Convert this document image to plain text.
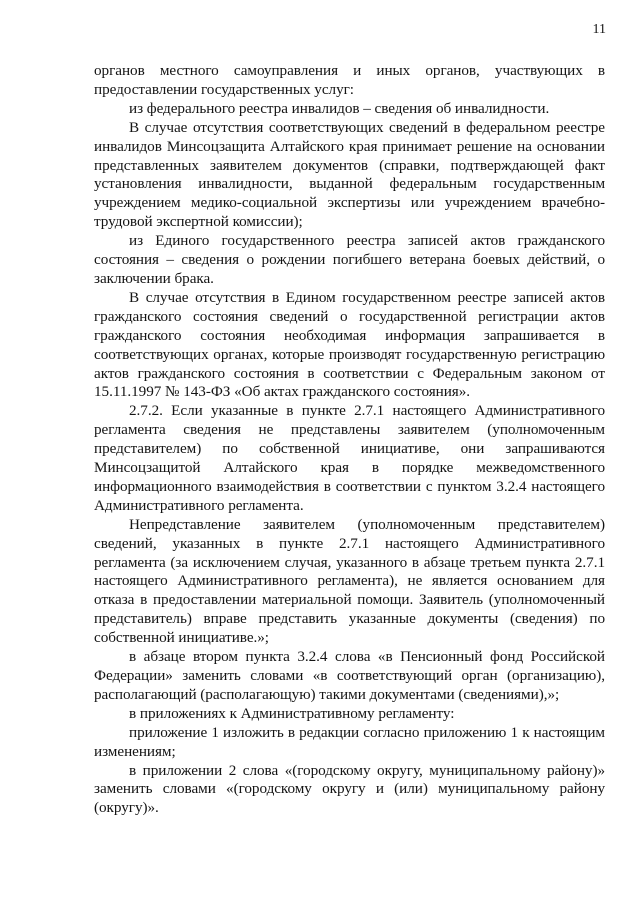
11

органов местного самоуправления и иных органов, участвующих в предоставлении государственных услуг:

из федерального реестра инвалидов – сведения об инвалидности.

В случае отсутствия соответствующих сведений в федеральном реестре инвалидов Минсоцзащита Алтайского края принимает решение на основании представленных заявителем документов (справки, подтверждающей факт установления инвалидности, выданной федеральным государственным учреждением медико-социальной экспертизы или учреждением врачебно-трудовой экспертной комиссии);

из Единого государственного реестра записей актов гражданского состояния – сведения о рождении погибшего ветерана боевых действий, о заключении брака.

В случае отсутствия в Едином государственном реестре записей актов гражданского состояния сведений о государственной регистрации актов гражданского состояния необходимая информация запрашивается в соответствующих органах, которые производят государственную регистрацию актов гражданского состояния в соответствии с Федеральным законом от 15.11.1997 № 143-ФЗ «Об актах гражданского состояния».

2.7.2. Если указанные в пункте 2.7.1 настоящего Административного регламента сведения не представлены заявителем (уполномоченным представителем) по собственной инициативе, они запрашиваются Минсоцзащитой Алтайского края в порядке межведомственного информационного взаимодействия в соответствии с пунктом 3.2.4 настоящего Административного регламента.

Непредставление заявителем (уполномоченным представителем) сведений, указанных в пункте 2.7.1 настоящего Административного регламента (за исключением случая, указанного в абзаце третьем пункта 2.7.1 настоящего Административного регламента), не является основанием для отказа в предоставлении материальной помощи. Заявитель (уполномоченный представитель) вправе представить указанные документы (сведения) по собственной инициативе.»;

в абзаце втором пункта 3.2.4 слова «в Пенсионный фонд Российской Федерации» заменить словами «в соответствующий орган (организацию), располагающий (располагающую) такими документами (сведениями),»;

в приложениях к Административному регламенту:

приложение 1 изложить в редакции согласно приложению 1 к настоящим изменениям;

в приложении 2 слова «(городскому округу, муниципальному району)» заменить словами «(городскому округу и (или) муниципальному району (округу)».
